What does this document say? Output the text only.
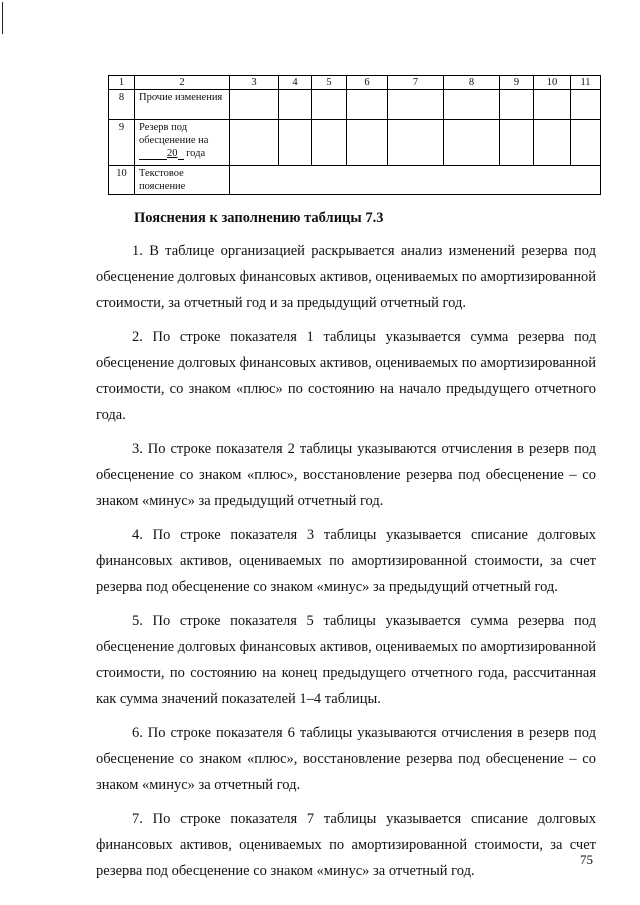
1	2	3	4	5	6	7	8	9	10	11
8	Прочие изменения									
9	Резерв под обесценение на
20 года									
10	Текстовое пояснение									

Пояснения к заполнению таблицы 7.3

1. В таблице организацией раскрывается анализ изменений резерва под обесценение долговых финансовых активов, оцениваемых по амортизированной стоимости, за отчетный год и за предыдущий отчетный год.

2. По строке показателя 1 таблицы указывается сумма резерва под обесценение долговых финансовых активов, оцениваемых по амортизированной стоимости, со знаком «плюс» по состоянию на начало предыдущего отчетного года.

3. По строке показателя 2 таблицы указываются отчисления в резерв под обесценение со знаком «плюс», восстановление резерва под обесценение – со знаком «минус» за предыдущий отчетный год.

4. По строке показателя 3 таблицы указывается списание долговых финансовых активов, оцениваемых по амортизированной стоимости, за счет резерва под обесценение со знаком «минус» за предыдущий отчетный год.

5. По строке показателя 5 таблицы указывается сумма резерва под обесценение долговых финансовых активов, оцениваемых по амортизированной стоимости, по состоянию на конец предыдущего отчетного года, рассчитанная как сумма значений показателей 1–4 таблицы.

6. По строке показателя 6 таблицы указываются отчисления в резерв под обесценение со знаком «плюс», восстановление резерва под обесценение – со знаком «минус» за отчетный год.

7. По строке показателя 7 таблицы указывается списание долговых финансовых активов, оцениваемых по амортизированной стоимости, за счет резерва под обесценение со знаком «минус» за отчетный год.

75
